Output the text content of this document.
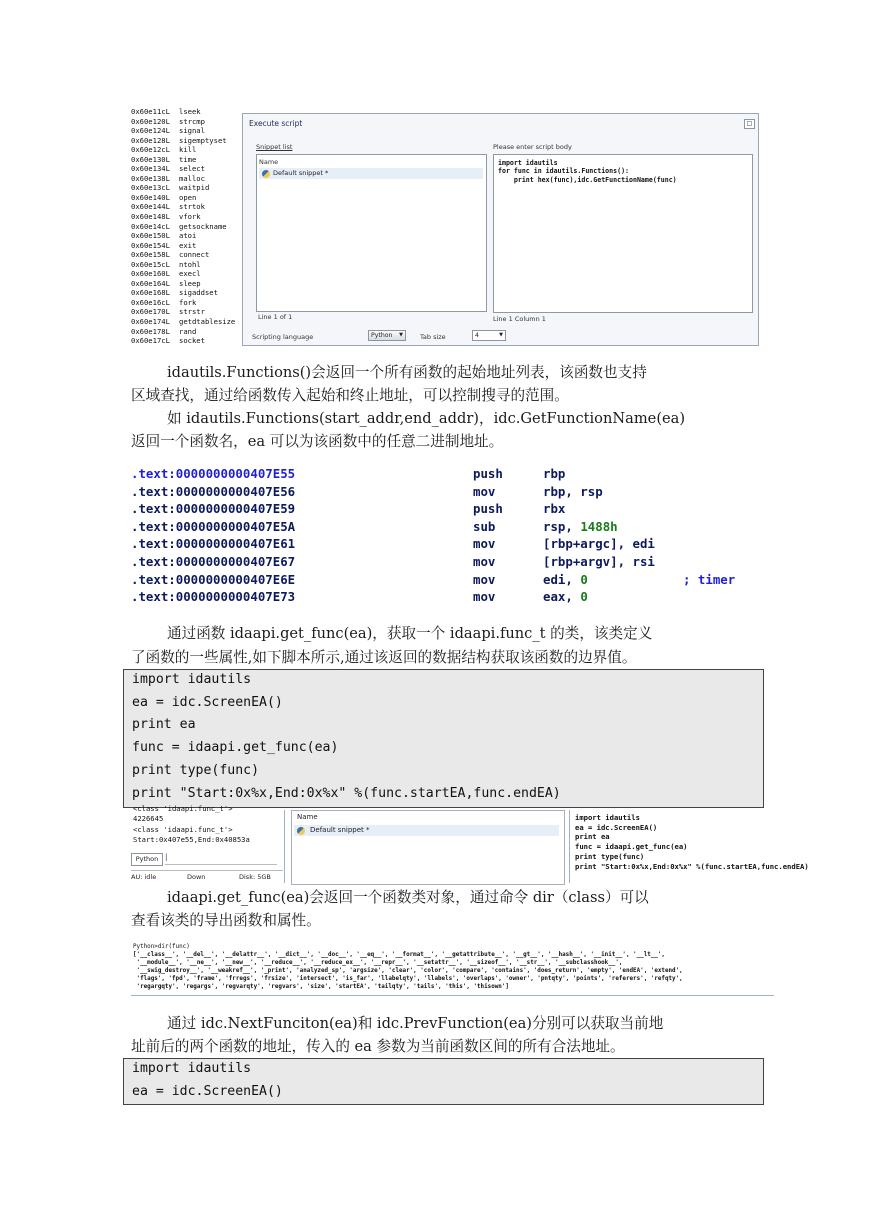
0x60e11cL lseek
0x60e120L strcmp
0x60e124L signal
0x60e128L sigemptyset
0x60e12cL kill
0x60e130L time
0x60e134L select
0x60e138L malloc
0x60e13cL waitpid
0x60e140L open
0x60e144L strtok
0x60e148L vfork
0x60e14cL getsockname
0x60e150L atoi
0x60e154L exit
0x60e158L connect
0x60e15cL ntohl
0x60e160L execl
0x60e164L sleep
0x60e168L sigaddset
0x60e16cL fork
0x60e170L strstr
0x60e174L getdtablesize
0x60e178L rand
0x60e17cL socket
Execute script	□
Snippet list
Name
Default snippet *
Line 1 of 1
Please enter script body
import idautils
for func in idautils.Functions():
print hex(func),idc.GetFunctionName(func)
Line 1 Column 1
Scripting language	Python ▼	Tab size	4	▼
idautils.Functions()会返回一个所有函数的起始地址列表，该函数也支持
区域查找，通过给函数传入起始和终止地址，可以控制搜寻的范围。
如 idautils.Functions(start_addr,end_addr)，idc.GetFunctionName(ea)
返回一个函数名，ea 可以为该函数中的任意二进制地址。
.text:0000000000407E55	push	rbp
.text:0000000000407E56	mov	rbp, rsp
.text:0000000000407E59	push	rbx
.text:0000000000407E5A	sub	rsp, 1488h
.text:0000000000407E61	mov	[rbp+argc], edi
.text:0000000000407E67	mov	[rbp+argv], rsi
.text:0000000000407E6E	mov	edi, 0	; timer
.text:0000000000407E73	mov	eax, 0
通过函数 idaapi.get_func(ea)，获取一个 idaapi.func_t 的类，该类定义
了函数的一些属性,如下脚本所示,通过该返回的数据结构获取该函数的边界值。
import idautils
ea = idc.ScreenEA()
print ea
func = idaapi.get_func(ea)
print type(func)
print "Start:0x%x,End:0x%x" %(func.startEA,func.endEA)
<class 'idaapi.func_t'>
4226645
<class 'idaapi.func_t'>
Start:0x407e55,End:0x40853a
Python |
AU: idle	Down	Disk: 5GB
Name
Default snippet *
import idautils
ea = idc.ScreenEA()
print ea
func = idaapi.get_func(ea)
print type(func)
print "Start:0x%x,End:0x%x" %(func.startEA,func.endEA)
idaapi.get_func(ea)会返回一个函数类对象，通过命令 dir（class）可以
查看该类的导出函数和属性。
Python>dir(func)
['__class__', '__del__', '__delattr__', '__dict__', '__doc__', '__eq__', '__format__', '__getattribute__', '__gt__', '__hash__', '__init__', '__lt__',
'__module__', '__ne__', '__new__', '__reduce__', '__reduce_ex__', '__repr__', '__setattr__', '__sizeof__', '__str__', '__subclasshook__',
'__swig_destroy__', '__weakref__', '_print', 'analyzed_sp', 'argsize', 'clear', 'color', 'compare', 'contains', 'does_return', 'empty', 'endEA', 'extend',
'flags', 'fpd', 'frame', 'frregs', 'frsize', 'intersect', 'is_far', 'llabelqty', 'llabels', 'overlaps', 'owner', 'pntqty', 'points', 'referers', 'refqty',
'regargqty', 'regargs', 'regvarqty', 'regvars', 'size', 'startEA', 'tailqty', 'tails', 'this', 'thisown']
通过 idc.NextFunciton(ea)和 idc.PrevFunction(ea)分别可以获取当前地
址前后的两个函数的地址，传入的 ea 参数为当前函数区间的所有合法地址。
import idautils
ea = idc.ScreenEA()
